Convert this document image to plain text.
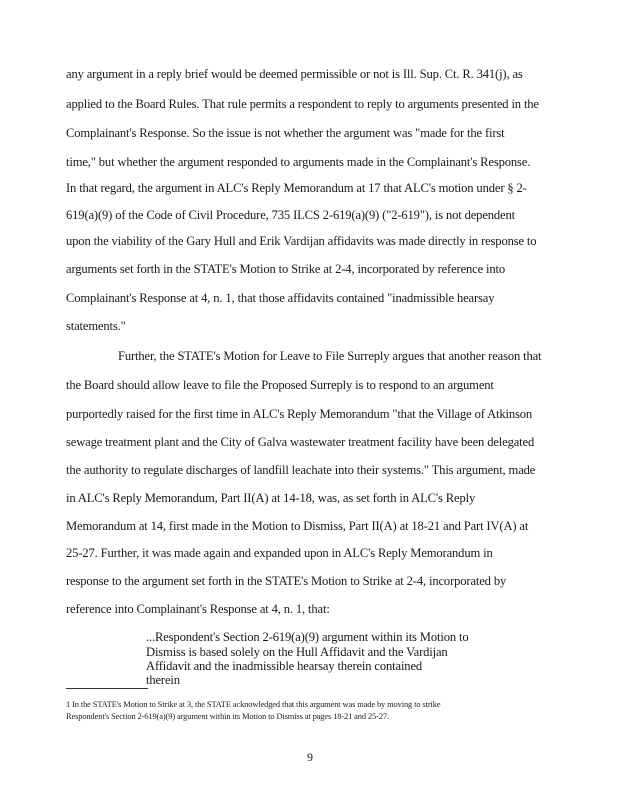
any argument in a reply brief would be deemed permissible or not is Ill. Sup. Ct. R. 341(j), as
applied to the Board Rules. That rule permits a respondent to reply to arguments presented in the
Complainant's Response. So the issue is not whether the argument was "made for the first
time," but whether the argument responded to arguments made in the Complainant's Response.
In that regard, the argument in ALC's Reply Memorandum at 17 that ALC's motion under § 2-
619(a)(9) of the Code of Civil Procedure, 735 ILCS 2-619(a)(9) ("2-619"), is not dependent
upon the viability of the Gary Hull and Erik Vardijan affidavits was made directly in response to
arguments set forth in the STATE's Motion to Strike at 2-4, incorporated by reference into
Complainant's Response at 4, n. 1, that those affidavits contained "inadmissible hearsay
statements."
Further, the STATE's Motion for Leave to File Surreply argues that another reason that
the Board should allow leave to file the Proposed Surreply is to respond to an argument
purportedly raised for the first time in ALC's Reply Memorandum "that the Village of Atkinson
sewage treatment plant and the City of Galva wastewater treatment facility have been delegated
the authority to regulate discharges of landfill leachate into their systems." This argument, made
in ALC's Reply Memorandum, Part II(A) at 14-18, was, as set forth in ALC's Reply
Memorandum at 14, first made in the Motion to Dismiss, Part II(A) at 18-21 and Part IV(A) at
25-27. Further, it was made again and expanded upon in ALC's Reply Memorandum in
response to the argument set forth in the STATE's Motion to Strike at 2-4, incorporated by
reference into Complainant's Response at 4, n. 1, that:
...Respondent's Section 2-619(a)(9) argument within its Motion to
Dismiss is based solely on the Hull Affidavit and the Vardijan
Affidavit and the inadmissible hearsay therein contained
therein
1 In the STATE's Motion to Strike at 3, the STATE acknowledged that this argument was made by moving to strike
Respondent's Section 2-619(a)(9) argument within its Motion to Dismiss at pages 18-21 and 25-27.
9
